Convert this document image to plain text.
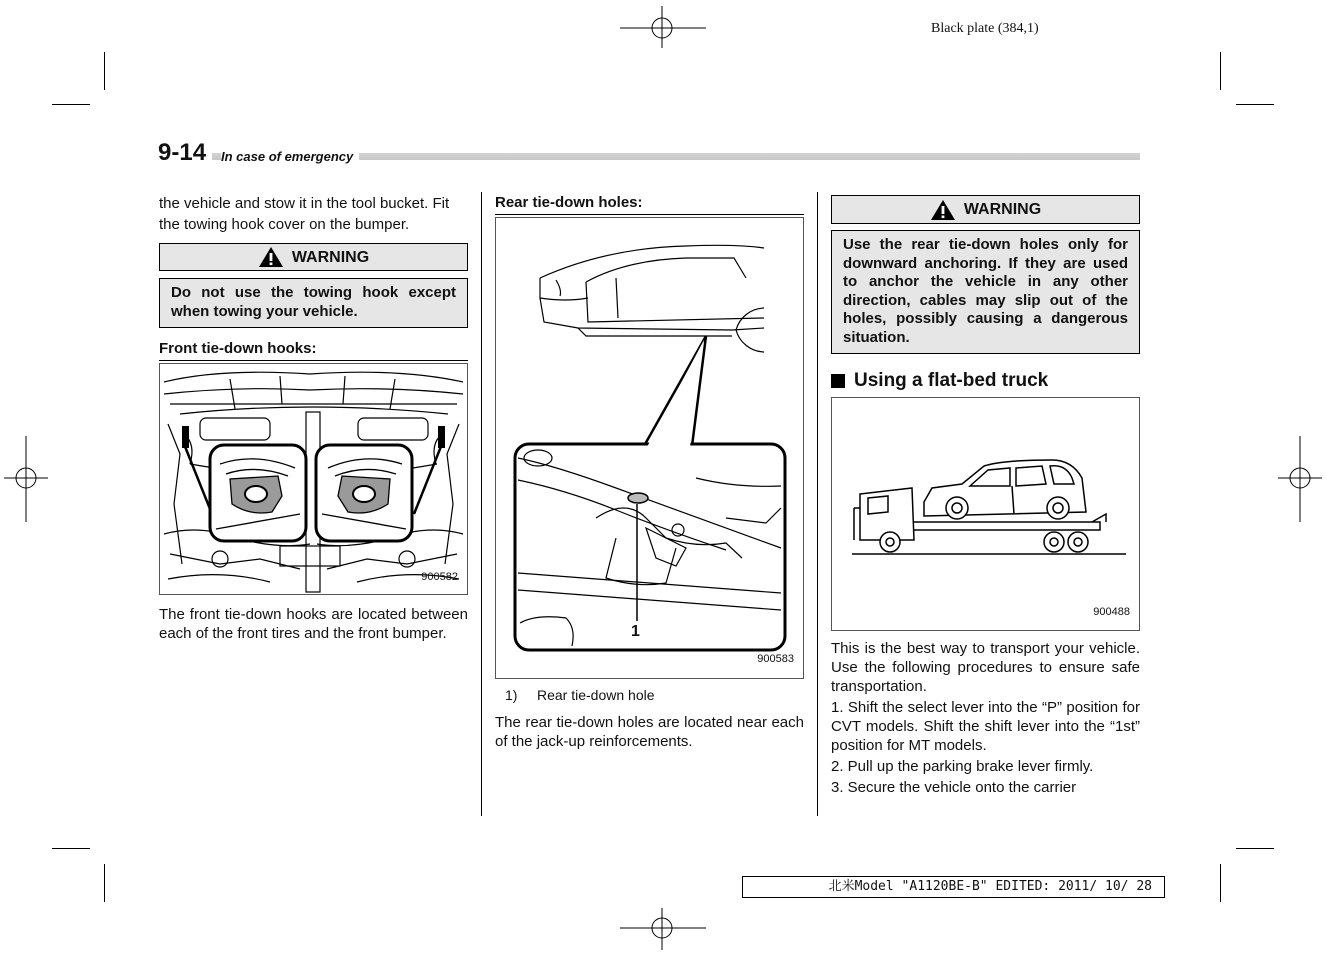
Black plate (384,1)
9-14	In case of emergency

the vehicle and stow it in the tool bucket. Fit the towing hook cover on the bumper.

WARNING
Do not use the towing hook except when towing your vehicle.
Front tie-down hooks:
900582

The front tie-down hooks are located between each of the front tires and the front bumper.

Rear tie-down holes:
1
900583
1)	Rear tie-down hole

The rear tie-down holes are located near each of the jack-up reinforcements.

WARNING
Use the rear tie-down holes only for downward anchoring. If they are used to anchor the vehicle in any other direction, cables may slip out of the holes, possibly causing a dangerous situation.
Using a flat-bed truck
900488

This is the best way to transport your vehicle. Use the following procedures to ensure safe transportation.

1. Shift the select lever into the “P” position for CVT models. Shift the shift lever into the “1st” position for MT models.

2. Pull up the parking brake lever firmly.

3. Secure the vehicle onto the carrier

北米Model "A1120BE-B" EDITED: 2011/ 10/ 28
